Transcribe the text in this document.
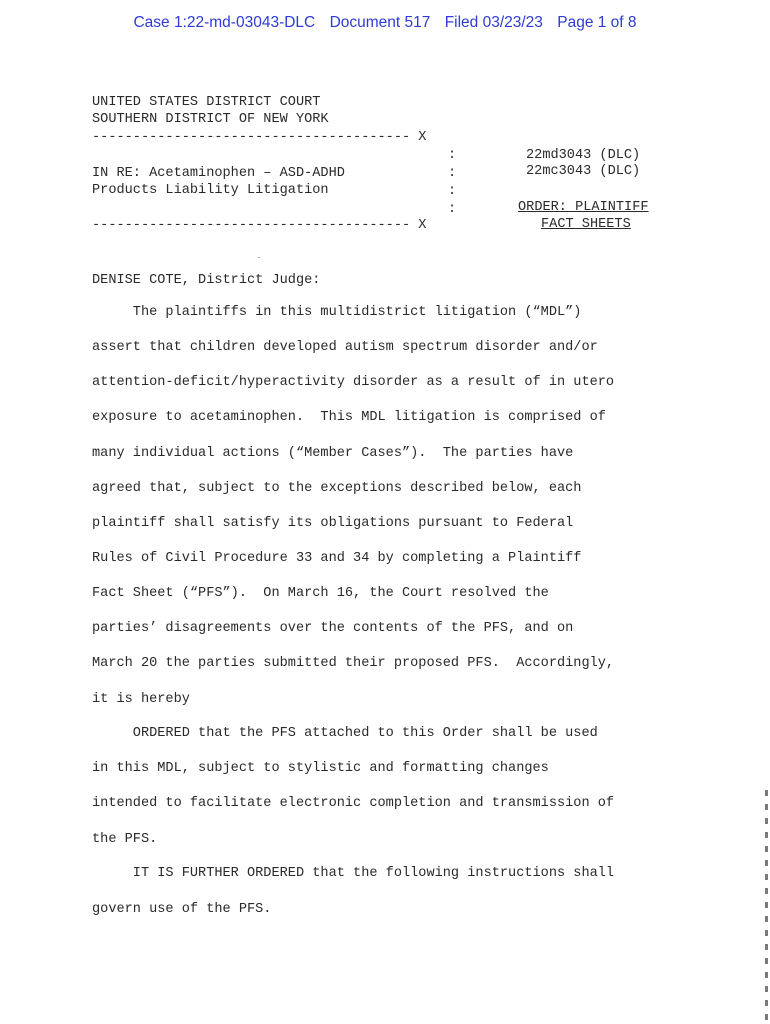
Case 1:22-md-03043-DLC Document 517 Filed 03/23/23 Page 1 of 8
UNITED STATES DISTRICT COURT
SOUTHERN DISTRICT OF NEW YORK
--------------------------------------- X
:
:
:
:
IN RE: Acetaminophen – ASD-ADHD
Products Liability Litigation
--------------------------------------- X
22md3043 (DLC)
22mc3043 (DLC)
ORDER: PLAINTIFF
FACT SHEETS
DENISE COTE, District Judge:
The plaintiffs in this multidistrict litigation (“MDL”)
assert that children developed autism spectrum disorder and/or
attention-deficit/hyperactivity disorder as a result of in utero
exposure to acetaminophen.  This MDL litigation is comprised of
many individual actions (“Member Cases”).  The parties have
agreed that, subject to the exceptions described below, each
plaintiff shall satisfy its obligations pursuant to Federal
Rules of Civil Procedure 33 and 34 by completing a Plaintiff
Fact Sheet (“PFS”).  On March 16, the Court resolved the
parties’ disagreements over the contents of the PFS, and on
March 20 the parties submitted their proposed PFS.  Accordingly,
it is hereby
ORDERED that the PFS attached to this Order shall be used
in this MDL, subject to stylistic and formatting changes
intended to facilitate electronic completion and transmission of
the PFS.
IT IS FURTHER ORDERED that the following instructions shall
govern use of the PFS.
